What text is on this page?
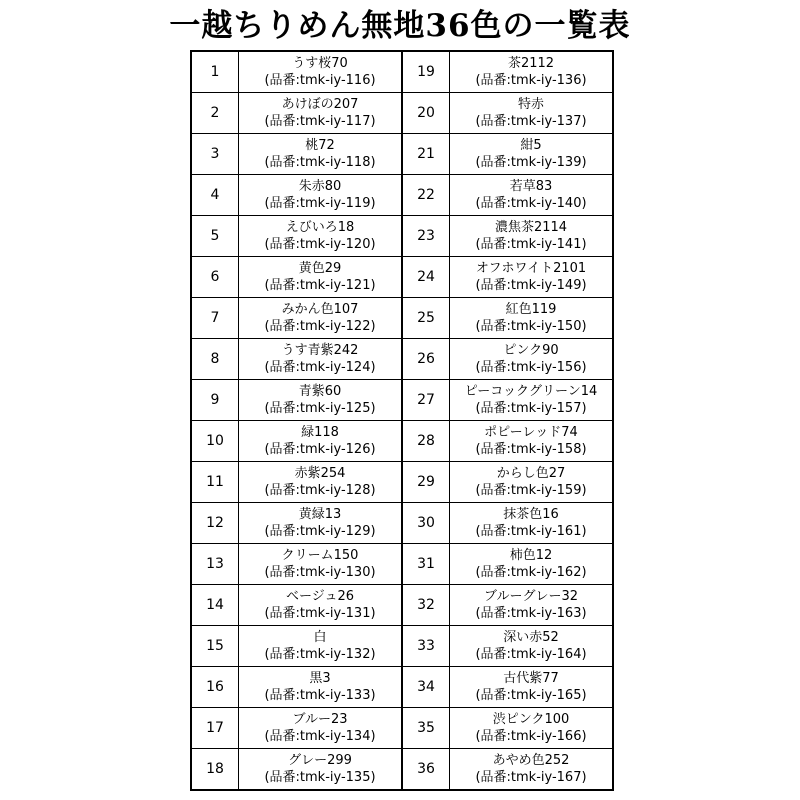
一越ちりめん無地36色の一覧表
1	うす桜70
(品番:tmk-iy-116)	19	茶2112
(品番:tmk-iy-136)

2	あけぼの207
(品番:tmk-iy-117)	20	特赤
(品番:tmk-iy-137)

3	桃72
(品番:tmk-iy-118)	21	紺5
(品番:tmk-iy-139)

4	朱赤80
(品番:tmk-iy-119)	22	若草83
(品番:tmk-iy-140)

5	えびいろ18
(品番:tmk-iy-120)	23	濃焦茶2114
(品番:tmk-iy-141)

6	黄色29
(品番:tmk-iy-121)	24	オフホワイト2101
(品番:tmk-iy-149)

7	みかん色107
(品番:tmk-iy-122)	25	紅色119
(品番:tmk-iy-150)

8	うす青紫242
(品番:tmk-iy-124)	26	ピンク90
(品番:tmk-iy-156)

9	青紫60
(品番:tmk-iy-125)	27	ピーコックグリーン14
(品番:tmk-iy-157)

10	緑118
(品番:tmk-iy-126)	28	ポピーレッド74
(品番:tmk-iy-158)

11	赤紫254
(品番:tmk-iy-128)	29	からし色27
(品番:tmk-iy-159)

12	黄緑13
(品番:tmk-iy-129)	30	抹茶色16
(品番:tmk-iy-161)

13	クリーム150
(品番:tmk-iy-130)	31	柿色12
(品番:tmk-iy-162)

14	ベージュ26
(品番:tmk-iy-131)	32	ブルーグレー32
(品番:tmk-iy-163)

15	白
(品番:tmk-iy-132)	33	深い赤52
(品番:tmk-iy-164)

16	黒3
(品番:tmk-iy-133)	34	古代紫77
(品番:tmk-iy-165)

17	ブルー23
(品番:tmk-iy-134)	35	渋ピンク100
(品番:tmk-iy-166)

18	グレー299
(品番:tmk-iy-135)	36	あやめ色252
(品番:tmk-iy-167)
